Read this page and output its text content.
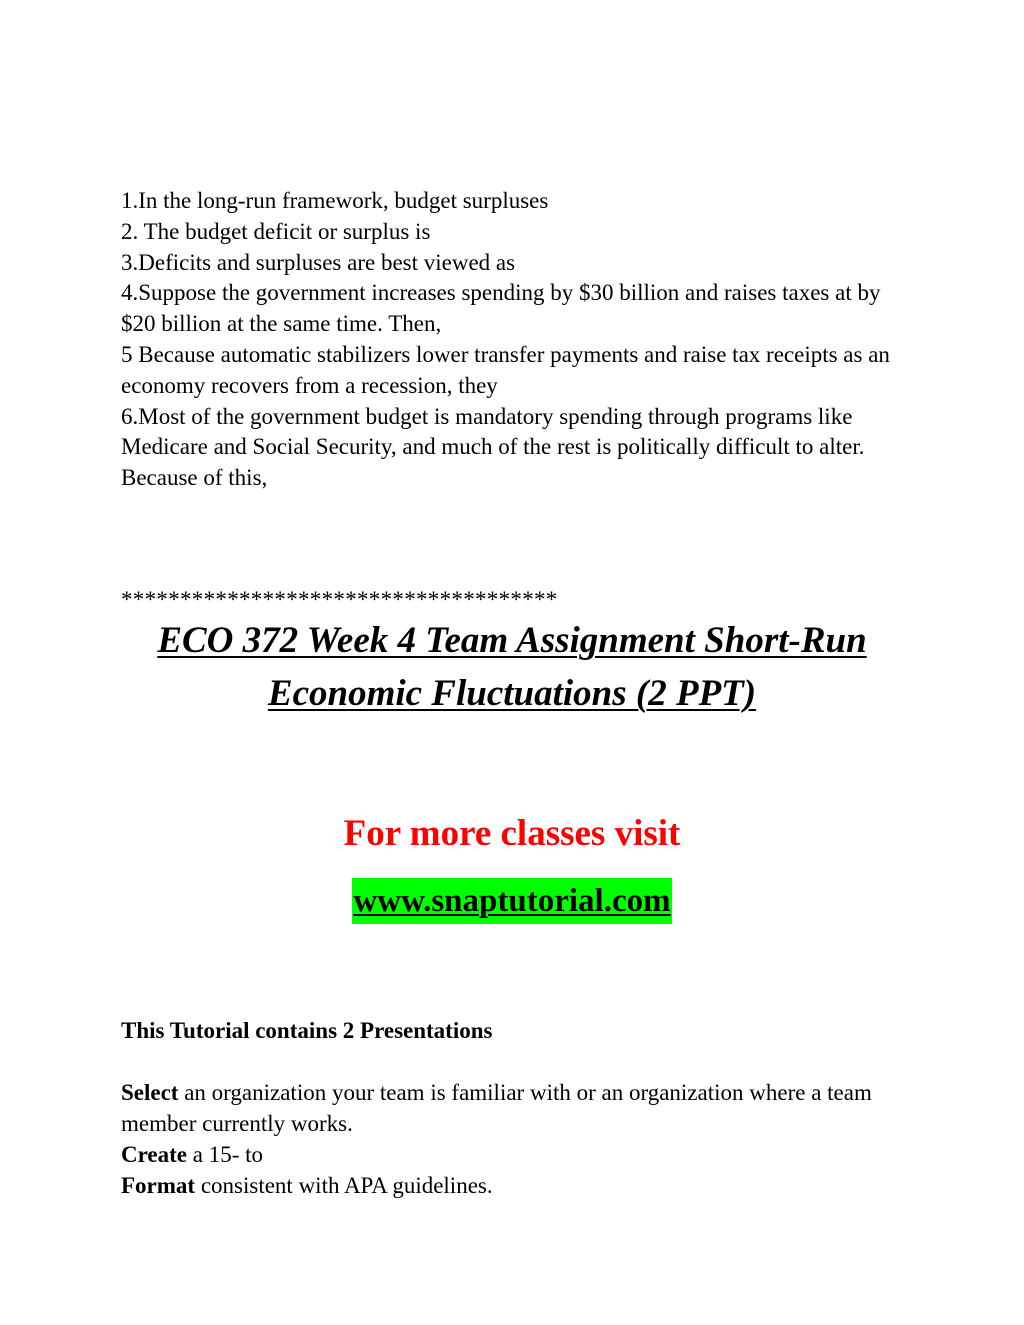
1.In the long-run framework, budget surpluses

2. The budget deficit or surplus is

3.Deficits and surpluses are best viewed as

4.Suppose the government increases spending by $30 billion and raises taxes at by $20 billion at the same time. Then,

5 Because automatic stabilizers lower transfer payments and raise tax receipts as an economy recovers from a recession, they

6.Most of the government budget is mandatory spending through programs like Medicare and Social Security, and much of the rest is politically difficult to alter. Because of this,

*************************************
ECO 372 Week 4 Team Assignment Short-Run Economic Fluctuations (2 PPT)
For more classes visit
www.snaptutorial.com
This Tutorial contains 2 Presentations

Select an organization your team is familiar with or an organization where a team member currently works.

Create a 15- to

Format consistent with APA guidelines.
